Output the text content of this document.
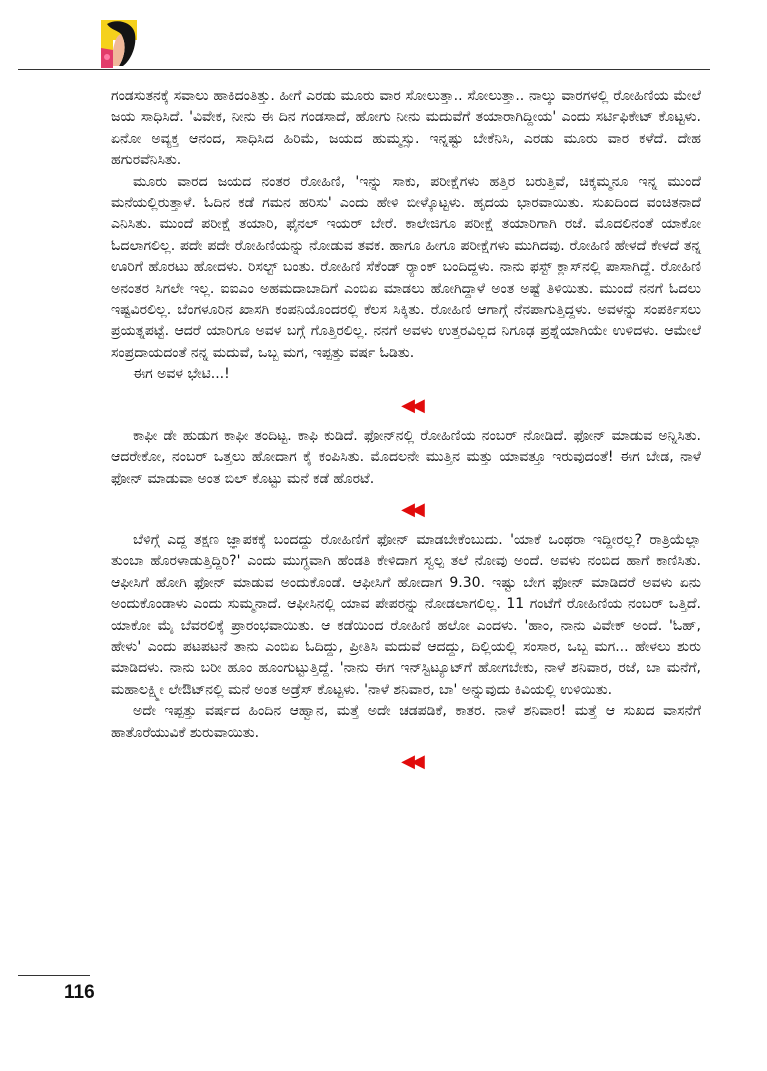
ಗಂಡಸುತನಕ್ಕೆ ಸವಾಲು ಹಾಕಿದಂತಿತ್ತು. ಹೀಗೆ ಎರಡು ಮೂರು ವಾರ ಸೋಲುತ್ತಾ.. ಸೋಲುತ್ತಾ.. ನಾಲ್ಕು ವಾರಗಳಲ್ಲಿ ರೋಹಿಣಿಯ ಮೇಲೆ ಜಯ ಸಾಧಿಸಿದೆ. 'ವಿವೇಕ, ನೀನು ಈ ದಿನ ಗಂಡಸಾದೆ, ಹೋಗು ನೀನು ಮದುವೆಗೆ ತಯಾರಾಗಿದ್ದೀಯ' ಎಂದು ಸರ್ಟಿಫಿಕೇಟ್ ಕೊಟ್ಟಳು. ಏನೋ ಅವ್ಯಕ್ತ ಆನಂದ, ಸಾಧಿಸಿದ ಹಿರಿಮೆ, ಜಯದ ಹುಮ್ಮಸ್ಸು. ಇನ್ನಷ್ಟು ಬೇಕೆನಿಸಿ, ಎರಡು ಮೂರು ವಾರ ಕಳೆದೆ. ದೇಹ ಹಗುರವೆನಿಸಿತು.

ಮೂರು ವಾರದ ಜಯದ ನಂತರ ರೋಹಿಣಿ, 'ಇನ್ನು ಸಾಕು, ಪರೀಕ್ಷೆಗಳು ಹತ್ತಿರ ಬರುತ್ತಿವೆ, ಚಿಕ್ಕಮ್ಮನೂ ಇನ್ನ ಮುಂದೆ ಮನೆಯಲ್ಲಿರುತ್ತಾಳೆ. ಓದಿನ ಕಡೆ ಗಮನ ಹರಿಸು' ಎಂದು ಹೇಳಿ ಬೀಳ್ಕೊಟ್ಟಳು. ಹೃದಯ ಭಾರವಾಯಿತು. ಸುಖದಿಂದ ವಂಚಿತನಾದೆ ಎನಿಸಿತು. ಮುಂದೆ ಪರೀಕ್ಷೆ ತಯಾರಿ, ಫೈನಲ್ ಇಯರ್ ಬೇರೆ. ಕಾಲೇಜಿಗೂ ಪರೀಕ್ಷೆ ತಯಾರಿಗಾಗಿ ರಜೆ. ಮೊದಲಿನಂತೆ ಯಾಕೋ ಓದಲಾಗಲಿಲ್ಲ. ಪದೇ ಪದೇ ರೋಹಿಣಿಯನ್ನು ನೋಡುವ ತವಕ. ಹಾಗೂ ಹೀಗೂ ಪರೀಕ್ಷೆಗಳು ಮುಗಿದವು. ರೋಹಿಣಿ ಹೇಳದೆ ಕೇಳದೆ ತನ್ನ ಊರಿಗೆ ಹೊರಟು ಹೋದಳು. ರಿಸಲ್ಟ್ ಬಂತು. ರೋಹಿಣಿ ಸೆಕೆಂಡ್ ರ್‍ಯಾಂಕ್ ಬಂದಿದ್ದಳು. ನಾನು ಫಸ್ಟ್ ಕ್ಲಾಸ್‌ನಲ್ಲಿ ಪಾಸಾಗಿದ್ದೆ. ರೋಹಿಣಿ ಅನಂತರ ಸಿಗಲೇ ಇಲ್ಲ. ಐಐಎಂ ಅಹಮದಾಬಾದಿಗೆ ಎಂಬಿಏ ಮಾಡಲು ಹೋಗಿದ್ದಾಳೆ ಅಂತ ಅಷ್ಟೆ ತಿಳಿಯಿತು. ಮುಂದೆ ನನಗೆ ಓದಲು ಇಷ್ಟವಿರಲಿಲ್ಲ. ಬೆಂಗಳೂರಿನ ಖಾಸಗಿ ಕಂಪನಿಯೊಂದರಲ್ಲಿ ಕೆಲಸ ಸಿಕ್ಕಿತು. ರೋಹಿಣಿ ಆಗಾಗ್ಗೆ ನೆನಪಾಗುತ್ತಿದ್ದಳು. ಅವಳನ್ನು ಸಂಪರ್ಕಿಸಲು ಪ್ರಯತ್ನಪಟ್ಟೆ. ಆದರೆ ಯಾರಿಗೂ ಅವಳ ಬಗ್ಗೆ ಗೊತ್ತಿರಲಿಲ್ಲ. ನನಗೆ ಅವಳು ಉತ್ತರವಿಲ್ಲದ ನಿಗೂಢ ಪ್ರಶ್ನೆಯಾಗಿಯೇ ಉಳಿದಳು. ಆಮೇಲೆ ಸಂಪ್ರದಾಯದಂತೆ ನನ್ನ ಮದುವೆ, ಒಬ್ಬ ಮಗ, ಇಪ್ಪತ್ತು ವರ್ಷ ಓಡಿತು.

ಈಗ ಅವಳ ಭೇಟಿ...!

◀◀

ಕಾಫೀ ಡೇ ಹುಡುಗ ಕಾಫೀ ತಂದಿಟ್ಟ. ಕಾಫಿ ಕುಡಿದೆ. ಫೋನ್‌ನಲ್ಲಿ ರೋಹಿಣಿಯ ನಂಬರ್ ನೋಡಿದೆ. ಫೋನ್ ಮಾಡುವ ಅನ್ನಿಸಿತು. ಆದರೇಕೋ, ನಂಬರ್ ಒತ್ತಲು ಹೋದಾಗ ಕೈ ಕಂಪಿಸಿತು. ಮೊದಲನೇ ಮುತ್ತಿನ ಮತ್ತು ಯಾವತ್ತೂ ಇರುವುದಂತೆ! ಈಗ ಬೇಡ, ನಾಳೆ ಫೋನ್ ಮಾಡುವಾ ಅಂತ ಬಿಲ್ ಕೊಟ್ಟು ಮನೆ ಕಡೆ ಹೊರಟೆ.

◀◀

ಬೆಳಿಗ್ಗೆ ಎದ್ದ ತಕ್ಷಣ ಜ್ಞಾಪಕಕ್ಕೆ ಬಂದದ್ದು ರೋಹಿಣಿಗೆ ಫೋನ್ ಮಾಡಬೇಕೆಂಬುದು. 'ಯಾಕೆ ಒಂಥರಾ ಇದ್ದೀರಲ್ಲ? ರಾತ್ರಿಯೆಲ್ಲಾ ತುಂಬಾ ಹೊರಳಾಡುತ್ತಿದ್ದಿರಿ?' ಎಂದು ಮುಗ್ಧವಾಗಿ ಹೆಂಡತಿ ಕೇಳಿದಾಗ ಸ್ವಲ್ಪ ತಲೆ ನೋವು ಅಂದೆ. ಅವಳು ನಂಬಿದ ಹಾಗೆ ಕಾಣಿಸಿತು. ಆಫೀಸಿಗೆ ಹೋಗಿ ಫೋನ್ ಮಾಡುವ ಅಂದುಕೊಂಡೆ. ಆಫೀಸಿಗೆ ಹೋದಾಗ 9.30. ಇಷ್ಟು ಬೇಗ ಫೋನ್ ಮಾಡಿದರೆ ಅವಳು ಏನು ಅಂದುಕೊಂಡಾಳು ಎಂದು ಸುಮ್ಮನಾದೆ. ಆಫೀಸಿನಲ್ಲಿ ಯಾವ ಪೇಪರನ್ನು ನೋಡಲಾಗಲಿಲ್ಲ. 11 ಗಂಟೆಗೆ ರೋಹಿಣಿಯ ನಂಬರ್ ಒತ್ತಿದೆ. ಯಾಕೋ ಮೈ ಬೆವರಲಿಕ್ಕೆ ಪ್ರಾರಂಭವಾಯಿತು. ಆ ಕಡೆಯಿಂದ ರೋಹಿಣಿ ಹಲೋ ಎಂದಳು. 'ಹಾಂ, ನಾನು ವಿವೇಕ್ ಅಂದೆ. 'ಓಹ್, ಹೇಳು' ಎಂದು ಪಟಪಟನೆ ತಾನು ಎಂಬಿಏ ಓದಿದ್ದು, ಪ್ರೀತಿಸಿ ಮದುವೆ ಆದದ್ದು, ದಿಲ್ಲಿಯಲ್ಲಿ ಸಂಸಾರ, ಒಬ್ಬ ಮಗ... ಹೇಳಲು ಶುರು ಮಾಡಿದಳು. ನಾನು ಬರೀ ಹೂಂ ಹೂಂಗುಟ್ಟುತ್ತಿದ್ದೆ. 'ನಾನು ಈಗ ಇನ್‌ಸ್ಟಿಟ್ಯೂಟ್‌ಗೆ ಹೋಗಬೇಕು, ನಾಳೆ ಶನಿವಾರ, ರಜೆ, ಬಾ ಮನೆಗೆ, ಮಹಾಲಕ್ಷ್ಮೀ ಲೇಔಟ್‌ನಲ್ಲಿ ಮನೆ ಅಂತ ಅಡ್ರೆಸ್ ಕೊಟ್ಟಳು. 'ನಾಳೆ ಶನಿವಾರ, ಬಾ' ಅನ್ನುವುದು ಕಿವಿಯಲ್ಲಿ ಉಳಿಯಿತು.

ಅದೇ ಇಪ್ಪತ್ತು ವರ್ಷದ ಹಿಂದಿನ ಆಹ್ವಾನ, ಮತ್ತೆ ಅದೇ ಚಡಪಡಿಕೆ, ಕಾತರ. ನಾಳೆ ಶನಿವಾರ! ಮತ್ತೆ ಆ ಸುಖದ ವಾಸನೆಗೆ ಹಾತೊರೆಯುವಿಕೆ ಶುರುವಾಯಿತು.

◀◀
116
